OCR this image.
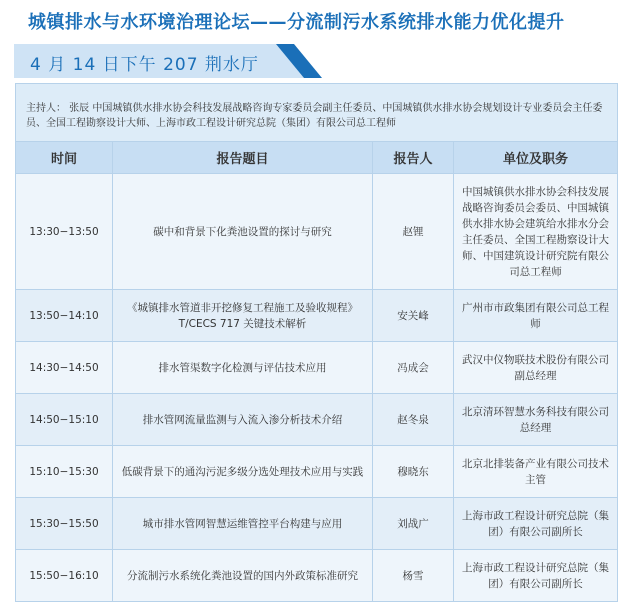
城镇排水与水环境治理论坛——分流制污水系统排水能力优化提升
4 月 14 日下午 207 荆水厅
主持人： 张辰 中国城镇供水排水协会科技发展战略咨询专家委员会副主任委员、中国城镇供水排水协会规划设计专业委员会主任委员、全国工程勘察设计大师、上海市政工程设计研究总院（集团）有限公司总工程师			
时间	报告题目	报告人	单位及职务
13:30−13:50	碳中和背景下化粪池设置的探讨与研究	赵锂	中国城镇供水排水协会科技发展战略咨询委员会委员、中国城镇供水排水协会建筑给水排水分会主任委员、全国工程勘察设计大师、中国建筑设计研究院有限公司总工程师
13:50−14:10	《城镇排水管道非开挖修复工程施工及验收规程》T/CECS 717 关键技术解析	安关峰	广州市市政集团有限公司总工程师
14:30−14:50	排水管渠数字化检测与评估技术应用	冯成会	武汉中仪物联技术股份有限公司副总经理
14:50−15:10	排水管网流量监测与入流入渗分析技术介绍	赵冬泉	北京清环智慧水务科技有限公司总经理
15:10−15:30	低碳背景下的通沟污泥多级分选处理技术应用与实践	穆晓东	北京北排装备产业有限公司技术主管
15:30−15:50	城市排水管网智慧运维管控平台构建与应用	刘战广	上海市政工程设计研究总院（集团）有限公司副所长
15:50−16:10	分流制污水系统化粪池设置的国内外政策标准研究	杨雪	上海市政工程设计研究总院（集团）有限公司副所长
